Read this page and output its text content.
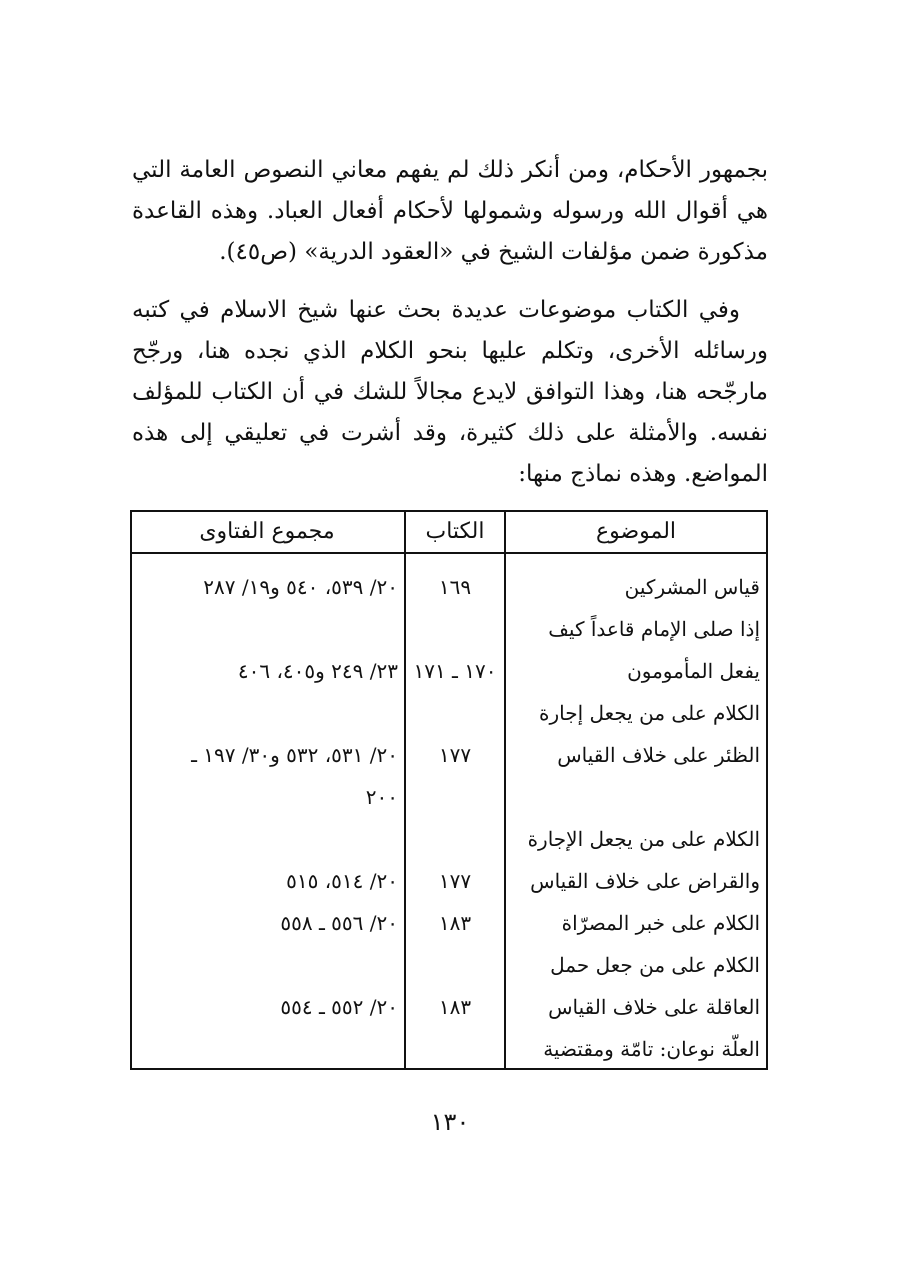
بجمهور الأحكام، ومن أنكر ذلك لم يفهم معاني النصوص العامة التي هي أقوال الله ورسوله وشمولها لأحكام أفعال العباد. وهذه القاعدة مذكورة ضمن مؤلفات الشيخ في «العقود الدرية» (ص٤٥).

وفي الكتاب موضوعات عديدة بحث عنها شيخ الاسلام في كتبه ورسائله الأخرى، وتكلم عليها بنحو الكلام الذي نجده هنا، ورجّح مارجّحه هنا، وهذا التوافق لايدع مجالاً للشك في أن الكتاب للمؤلف نفسه. والأمثلة على ذلك كثيرة، وقد أشرت في تعليقي إلى هذه المواضع. وهذه نماذج منها:

الموضوع
الكتاب
مجموع الفتاوى
قياس المشركين
١٦٩
٢٠/ ٥٣٩، ٥٤٠ و١٩/ ٢٨٧
إذا صلى الإمام قاعداً كيف
يفعل المأمومون
١٧٠ ـ ١٧١
٢٣/ ٢٤٩ و٤٠٥، ٤٠٦
الكلام على من يجعل إجارة
الظئر على خلاف القياس
١٧٧
٢٠/ ٥٣١، ٥٣٢ و٣٠/ ١٩٧ ـ
٢٠٠
الكلام على من يجعل الإجارة
والقراض على خلاف القياس
١٧٧
٢٠/ ٥١٤، ٥١٥
الكلام على خبر المصرّاة
١٨٣
٢٠/ ٥٥٦ ـ ٥٥٨
الكلام على من جعل حمل
العاقلة على خلاف القياس
١٨٣
٢٠/ ٥٥٢ ـ ٥٥٤
العلّة نوعان: تامّة ومقتضية
١٣٠
